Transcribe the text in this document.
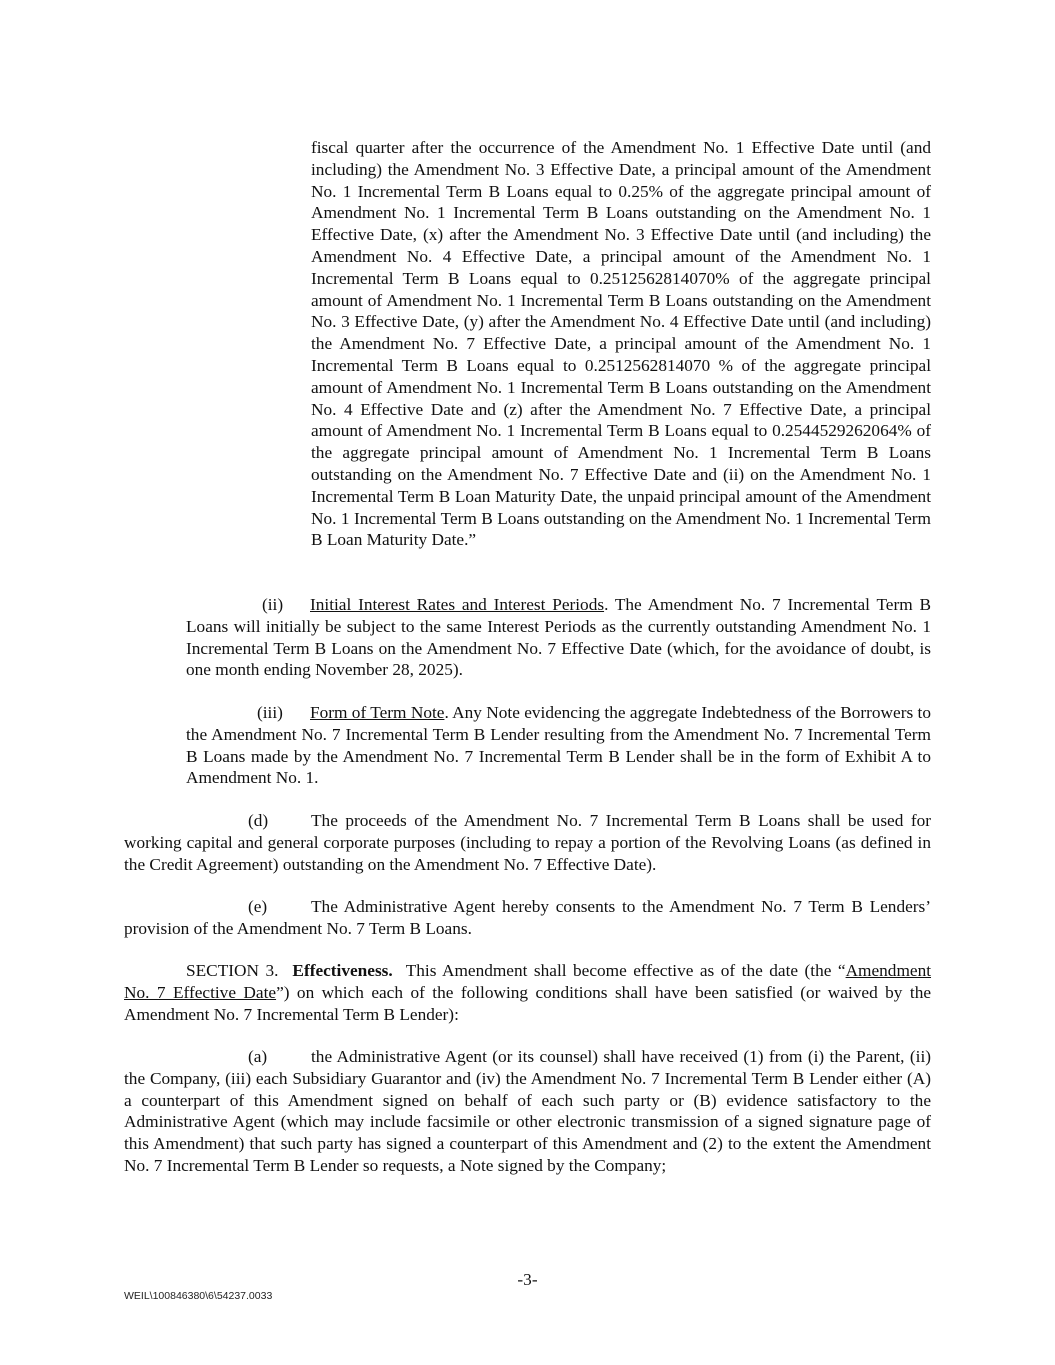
fiscal quarter after the occurrence of the Amendment No. 1 Effective Date until (and including) the Amendment No. 3 Effective Date, a principal amount of the Amendment No. 1 Incremental Term B Loans equal to 0.25% of the aggregate principal amount of Amendment No. 1 Incremental Term B Loans outstanding on the Amendment No. 1 Effective Date, (x) after the Amendment No. 3 Effective Date until (and including) the Amendment No. 4 Effective Date, a principal amount of the Amendment No. 1 Incremental Term B Loans equal to 0.2512562814070% of the aggregate principal amount of Amendment No. 1 Incremental Term B Loans outstanding on the Amendment No. 3 Effective Date, (y) after the Amendment No. 4 Effective Date until (and including) the Amendment No. 7 Effective Date, a principal amount of the Amendment No. 1 Incremental Term B Loans equal to 0.2512562814070 % of the aggregate principal amount of Amendment No. 1 Incremental Term B Loans outstanding on the Amendment No. 4 Effective Date and (z) after the Amendment No. 7 Effective Date, a principal amount of Amendment No. 1 Incremental Term B Loans equal to 0.2544529262064% of the aggregate principal amount of Amendment No. 1 Incremental Term B Loans outstanding on the Amendment No. 7 Effective Date and (ii) on the Amendment No. 1 Incremental Term B Loan Maturity Date, the unpaid principal amount of the Amendment No. 1 Incremental Term B Loans outstanding on the Amendment No. 1 Incremental Term B Loan Maturity Date.”

(ii) Initial Interest Rates and Interest Periods. The Amendment No. 7 Incremental Term B Loans will initially be subject to the same Interest Periods as the currently outstanding Amendment No. 1 Incremental Term B Loans on the Amendment No. 7 Effective Date (which, for the avoidance of doubt, is one month ending November 28, 2025).

(iii) Form of Term Note. Any Note evidencing the aggregate Indebtedness of the Borrowers to the Amendment No. 7 Incremental Term B Lender resulting from the Amendment No. 7 Incremental Term B Loans made by the Amendment No. 7 Incremental Term B Lender shall be in the form of Exhibit A to Amendment No. 1.

(d) The proceeds of the Amendment No. 7 Incremental Term B Loans shall be used for working capital and general corporate purposes (including to repay a portion of the Revolving Loans (as defined in the Credit Agreement) outstanding on the Amendment No. 7 Effective Date).

(e)	The Administrative Agent hereby consents to the Amendment No. 7 Term B Lenders’ provision of the Amendment No. 7 Term B Loans.

SECTION 3. Effectiveness. This Amendment shall become effective as of the date (the “Amendment No. 7 Effective Date”) on which each of the following conditions shall have been satisfied (or waived by the Amendment No. 7 Incremental Term B Lender):

(a)	the Administrative Agent (or its counsel) shall have received (1) from (i) the Parent, (ii) the Company, (iii) each Subsidiary Guarantor and (iv) the Amendment No. 7 Incremental Term B Lender either (A) a counterpart of this Amendment signed on behalf of each such party or (B) evidence satisfactory to the Administrative Agent (which may include facsimile or other electronic transmission of a signed signature page of this Amendment) that such party has signed a counterpart of this Amendment and (2) to the extent the Amendment No. 7 Incremental Term B Lender so requests, a Note signed by the Company;

-3-
WEIL\100846380\6\54237.0033
